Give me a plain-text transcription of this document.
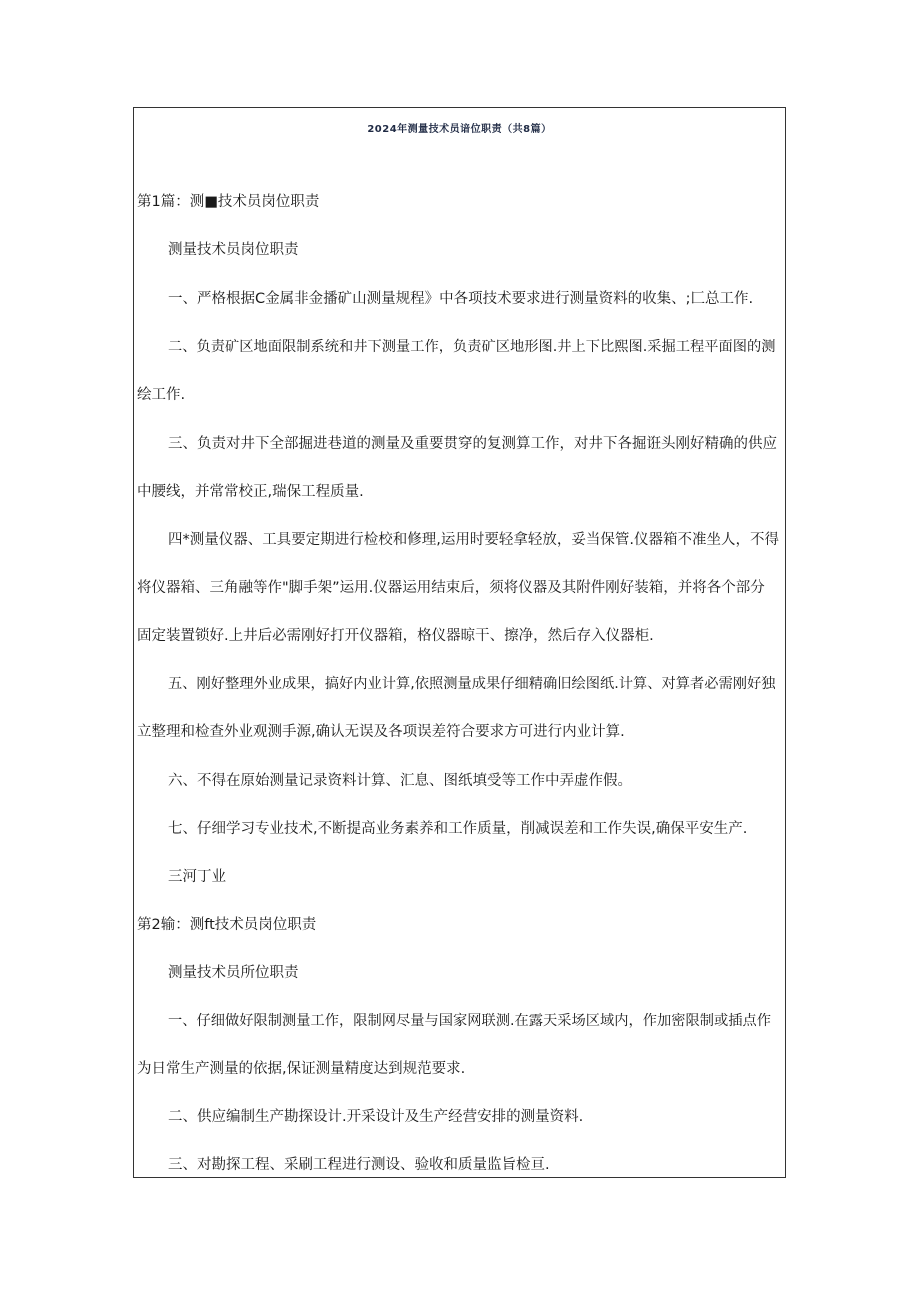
2024年测量技术员谙位职责（共8篇）
第1篇：测■技术员岗位职责
测量技术员岗位职责
一、严格根据C金属非金播矿山测量规程》中各项技术要求进行测量资料的收集、;匚总工作.
二、负责矿区地面限制系统和井下测量工作，负责矿区地形图.井上下比熙图.采掘工程平面图的测
绘工作.
三、负责对井下全部掘进巷道的测量及重要贯穿的复测算工作，对井下各掘诳头刚好精确的供应
中腰线，并常常校正,瑞保工程质量.
四*测量仪器、工具要定期进行检校和修理,运用时要轻拿轻放，妥当保管.仪器箱不准坐人，不得
将仪器箱、三角融等作"脚手架”运用.仪器运用结束后，须将仪器及其附件刚好装箱，并将各个部分
固定装置锁好.上井后必需刚好打开仪器箱，格仪器晾干、擦净，然后存入仪器柜.
五、刚好整理外业成果，搞好内业计算,依照测量成果仔细精确旧绘图纸.计算、对算者必需刚好独
立整理和检查外业观测手源,确认无误及各项误差符合要求方可进行内业计算.
六、不得在原始测量记录资料计算、汇息、图纸填受等工作中弄虚作假。
七、仔细学习专业技术,不断提高业务素养和工作质量，削减误差和工作失误,确保平安生产.
三河丁业
第2输：测ft技术员岗位职责
测量技术员所位职责
一、仔细做好限制测量工作，限制网尽量与国家网联测.在露天采场区域内，作加密限制或插点作
为日常生产测量的依据,保证测量精度达到规范要求.
二、供应编制生产勘探设计.开采设计及生产经营安排的测量资料.
三、对勘探工程、采刷工程进行测设、验收和质量监旨检亘.
